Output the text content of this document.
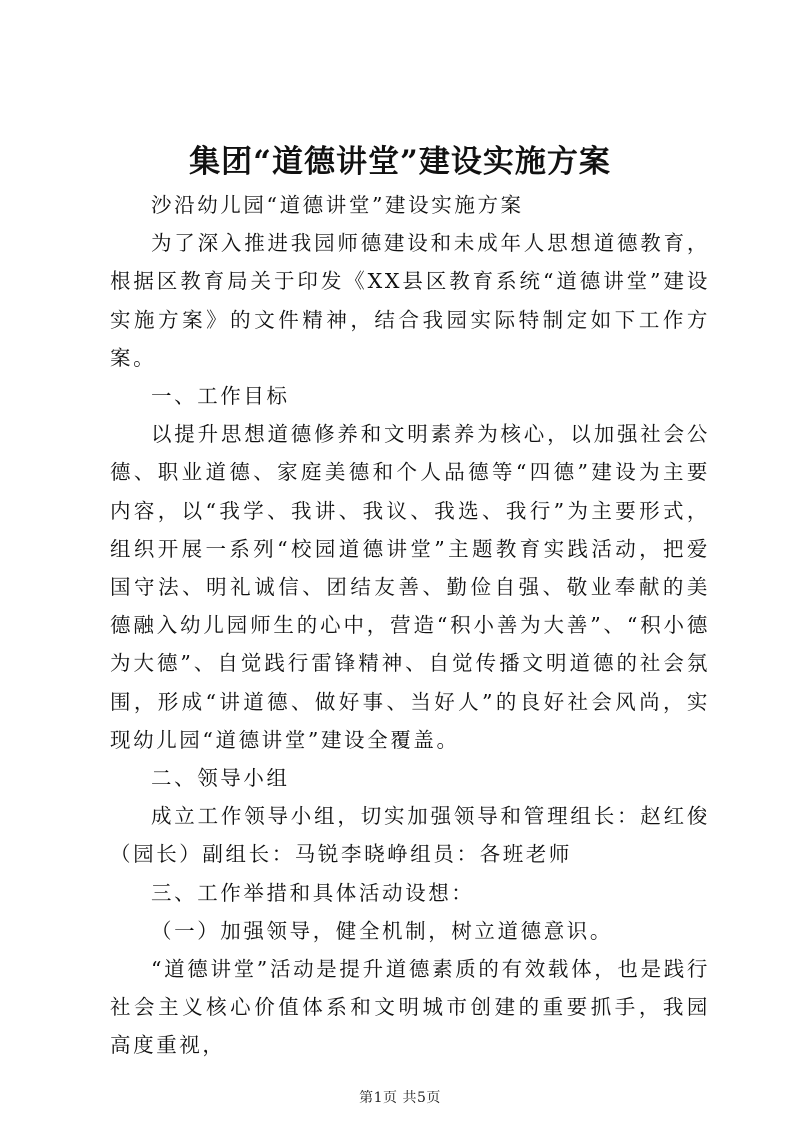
集团“道德讲堂”建设实施方案

沙沿幼儿园“道德讲堂”建设实施方案

为了深入推进我园师德建设和未成年人思想道德教育，根据区教育局关于印发《XX县区教育系统“道德讲堂”建设实施方案》的文件精神，结合我园实际特制定如下工作方案。

一、工作目标

以提升思想道德修养和文明素养为核心，以加强社会公德、职业道德、家庭美德和个人品德等“四德”建设为主要内容，以“我学、我讲、我议、我选、我行”为主要形式，组织开展一系列“校园道德讲堂”主题教育实践活动，把爱国守法、明礼诚信、团结友善、勤俭自强、敬业奉献的美德融入幼儿园师生的心中，营造“积小善为大善”、“积小德为大德”、自觉践行雷锋精神、自觉传播文明道德的社会氛围，形成“讲道德、做好事、当好人”的良好社会风尚，实现幼儿园“道德讲堂”建设全覆盖。

二、领导小组

成立工作领导小组，切实加强领导和管理组长：赵红俊（园长）副组长：马锐李晓峥组员：各班老师

三、工作举措和具体活动设想：

（一）加强领导，健全机制，树立道德意识。

“道德讲堂”活动是提升道德素质的有效载体，也是践行社会主义核心价值体系和文明城市创建的重要抓手，我园高度重视，

第1页 共5页
